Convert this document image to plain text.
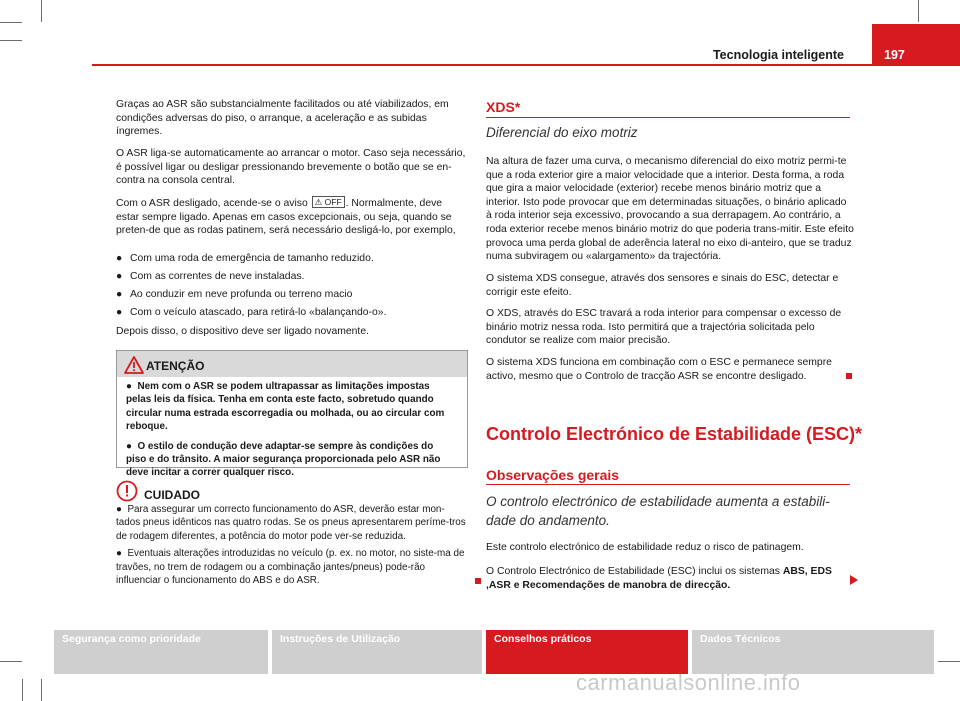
Tecnologia inteligente	197
Graças ao ASR são substancialmente facilitados ou até viabilizados, em condições adversas do piso, o arranque, a aceleração e as subidas íngremes.
O ASR liga-se automaticamente ao arrancar o motor. Caso seja necessário, é possível ligar ou desligar pressionando brevemente o botão que se en-contra na consola central.
Com o ASR desligado, acende-se o aviso ⚠︎ OFF . Normalmente, deve estar sempre ligado. Apenas em casos excepcionais, ou seja, quando se preten-de que as rodas patinem, será necessário desligá-lo, por exemplo,
● Com uma roda de emergência de tamanho reduzido.
● Com as correntes de neve instaladas.
● Ao conduzir em neve profunda ou terreno macio
● Com o veículo atascado, para retirá-lo «balançando-o».
Depois disso, o dispositivo deve ser ligado novamente.
ATENÇÃO

●  Nem com o ASR se podem ultrapassar as limitações impostas pelas leis da física. Tenha em conta este facto, sobretudo quando circular numa estrada escorregadia ou molhada, ou ao circular com reboque.

●  O estilo de condução deve adaptar-se sempre às condições do piso e do trânsito. A maior segurança proporcionada pelo ASR não deve incitar a correr qualquer risco.

CUIDADO

●  Para assegurar um correcto funcionamento do ASR, deverão estar mon-tados pneus idênticos nas quatro rodas. Se os pneus apresentarem períme-tros de rodagem diferentes, a potência do motor pode ver-se reduzida.

●  Eventuais alterações introduzidas no veículo (p. ex. no motor, no siste-ma de travões, no trem de rodagem ou a combinação jantes/pneus) pode-rão influenciar o funcionamento do ABS e do ASR.

XDS*
Diferencial do eixo motriz
Na altura de fazer uma curva, o mecanismo diferencial do eixo motriz permi-te que a roda exterior gire a maior velocidade que a interior. Desta forma, a roda que gira a maior velocidade (exterior) recebe menos binário motriz que a interior. Isto pode provocar que em determinadas situações, o binário aplicado à roda interior seja excessivo, provocando a sua derrapagem. Ao contrário, a roda exterior recebe menos binário motriz do que poderia trans-mitir. Este efeito provoca uma perda global de aderência lateral no eixo di-anteiro, que se traduz numa subviragem ou «alargamento» da trajectória.
O sistema XDS consegue, através dos sensores e sinais do ESC, detectar e corrigir este efeito.
O XDS, através do ESC travará a roda interior para compensar o excesso de binário motriz nessa roda. Isto permitirá que a trajectória solicitada pelo condutor se realize com maior precisão.
O sistema XDS funciona em combinação com o ESC e permanece sempre activo, mesmo que o Controlo de tracção ASR se encontre desligado.
Controlo Electrónico de Estabilidade (ESC)*
Observações gerais
O controlo electrónico de estabilidade aumenta a estabili-dade do andamento.
Este controlo electrónico de estabilidade reduz o risco de patinagem.
O Controlo Electrónico de Estabilidade (ESC) inclui os sistemas ABS, EDS ,ASR e Recomendações de manobra de direcção.
Segurança como prioridade	Instruções de Utilização	Conselhos práticos	Dados Técnicos
carmanualsonline.info
